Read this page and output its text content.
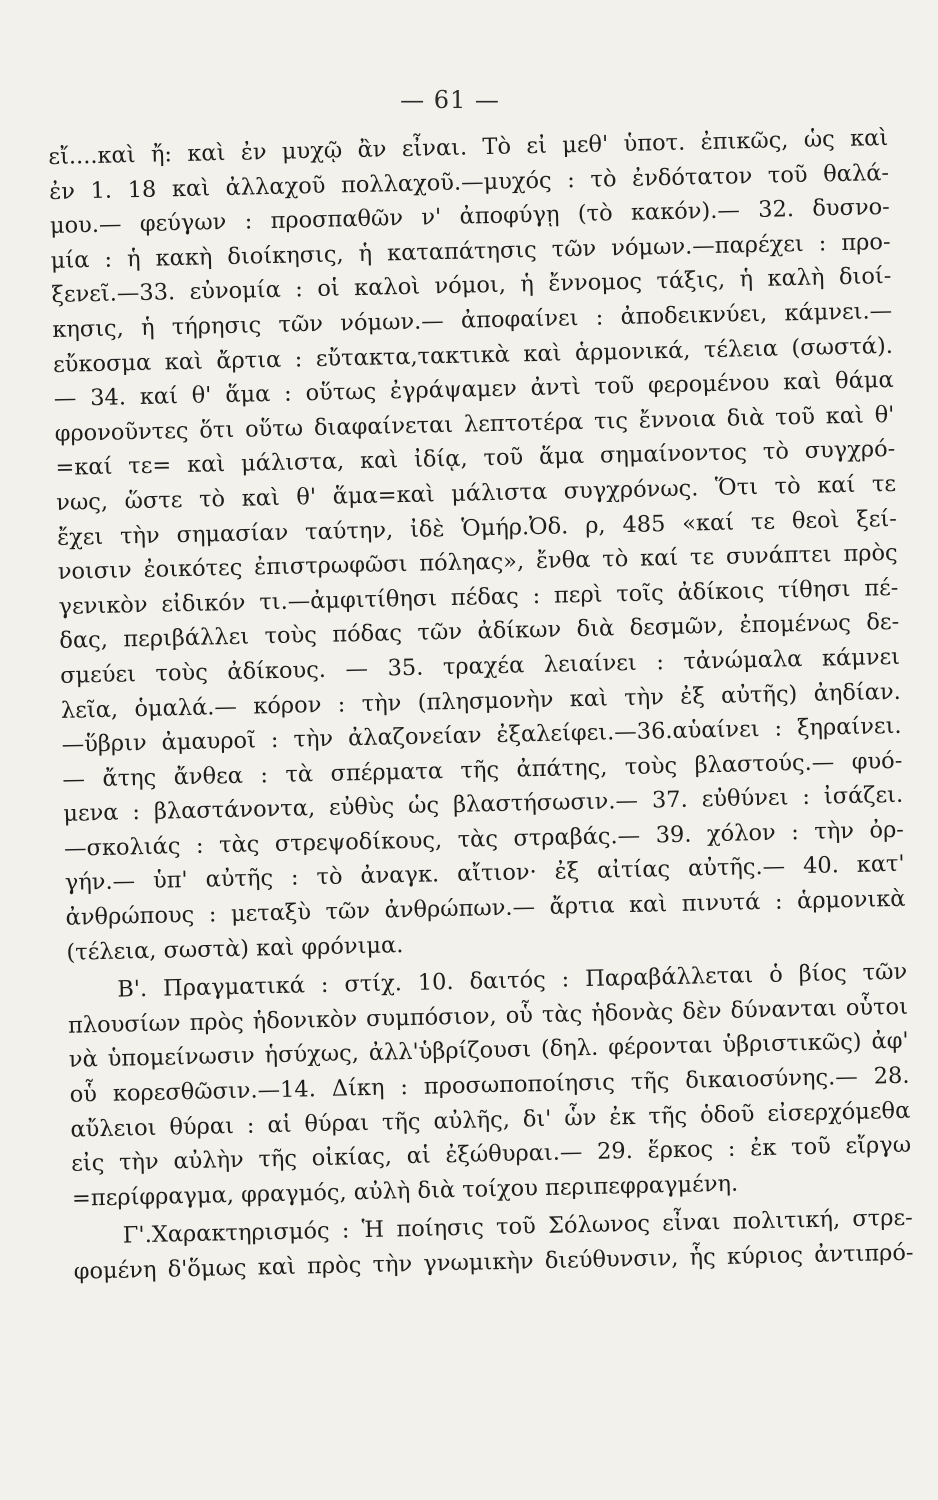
— 61 —
εἴ....καὶ ἤ: καὶ ἐν μυχῷ ἂν εἶναι. Τὸ εἰ μεθ' ὑποτ. ἐπικῶς, ὡς καὶ
ἐν 1. 18 καὶ ἀλλαχοῦ πολλαχοῦ.—μυχός : τὸ ἐνδότατον τοῦ θαλά-
μου.— φεύγων : προσπαθῶν ν' ἀποφύγῃ (τὸ κακόν).— 32. δυσνο-
μία : ἡ κακὴ διοίκησις, ἡ καταπάτησις τῶν νόμων.—παρέχει : προ-
ξενεῖ.—33. εὐνομία : οἱ καλοὶ νόμοι, ἡ ἔννομος τάξις, ἡ καλὴ διοί-
κησις, ἡ τήρησις τῶν νόμων.— ἀποφαίνει : ἀποδεικνύει, κάμνει.—
εὔκοσμα καὶ ἄρτια : εὔτακτα,τακτικὰ καὶ ἁρμονικά, τέλεια (σωστά).
— 34. καί θ' ἅμα : οὕτως ἐγράψαμεν ἀντὶ τοῦ φερομένου καὶ θάμα
φρονοῦντες ὅτι οὕτω διαφαίνεται λεπτοτέρα τις ἔννοια διὰ τοῦ καὶ θ'
=καί τε= καὶ μάλιστα, καὶ ἰδίᾳ, τοῦ ἅμα σημαίνοντος τὸ συγχρό-
νως, ὥστε τὸ καὶ θ' ἅμα=καὶ μάλιστα συγχρόνως. Ὅτι τὸ καί τε
ἔχει τὴν σημασίαν ταύτην, ἰδὲ Ὁμήρ.Ὀδ. ρ, 485 «καί τε θεοὶ ξεί-
νοισιν ἐοικότες ἐπιστρωφῶσι πόληας», ἔνθα τὸ καί τε συνάπτει πρὸς
γενικὸν εἰδικόν τι.—ἀμφιτίθησι πέδας : περὶ τοῖς ἀδίκοις τίθησι πέ-
δας, περιβάλλει τοὺς πόδας τῶν ἀδίκων διὰ δεσμῶν, ἐπομένως δε-
σμεύει τοὺς ἀδίκους. — 35. τραχέα λειαίνει : τἀνώμαλα κάμνει
λεῖα, ὁμαλά.— κόρον : τὴν (πλησμονὴν καὶ τὴν ἐξ αὐτῆς) ἀηδίαν.
—ὕβριν ἀμαυροῖ : τὴν ἀλαζονείαν ἐξαλείφει.—36.αὑαίνει : ξηραίνει.
— ἄτης ἄνθεα : τὰ σπέρματα τῆς ἀπάτης, τοὺς βλαστούς.— φυό-
μενα : βλαστάνοντα, εὐθὺς ὡς βλαστήσωσιν.— 37. εὐθύνει : ἰσάζει.
—σκολιάς : τὰς στρεψοδίκους, τὰς στραβάς.— 39. χόλον : τὴν ὀρ-
γήν.— ὑπ' αὐτῆς : τὸ ἀναγκ. αἴτιον· ἐξ αἰτίας αὐτῆς.— 40. κατ'
ἀνθρώπους : μεταξὺ τῶν ἀνθρώπων.— ἄρτια καὶ πινυτά : ἁρμονικὰ
(τέλεια, σωστὰ) καὶ φρόνιμα.
Β'. Πραγματικά : στίχ. 10. δαιτός : Παραβάλλεται ὁ βίος τῶν
πλουσίων πρὸς ἡδονικὸν συμπόσιον, οὗ τὰς ἡδονὰς δὲν δύνανται οὗτοι
νὰ ὑπομείνωσιν ἡσύχως, ἀλλ'ὑβρίζουσι (δηλ. φέρονται ὑβριστικῶς) ἀφ'
οὗ κορεσθῶσιν.—14. Δίκη : προσωποποίησις τῆς δικαιοσύνης.— 28.
αὔλειοι θύραι : αἱ θύραι τῆς αὐλῆς, δι' ὧν ἐκ τῆς ὁδοῦ εἰσερχόμεθα
εἰς τὴν αὐλὴν τῆς οἰκίας, αἱ ἐξώθυραι.— 29. ἕρκος : ἐκ τοῦ εἴργω
=περίφραγμα, φραγμός, αὐλὴ διὰ τοίχου περιπεφραγμένη.
Γ'.Χαρακτηρισμός : Ἡ ποίησις τοῦ Σόλωνος εἶναι πολιτική, στρε-
φομένη δ'ὅμως καὶ πρὸς τὴν γνωμικὴν διεύθυνσιν, ἧς κύριος ἀντιπρό-
